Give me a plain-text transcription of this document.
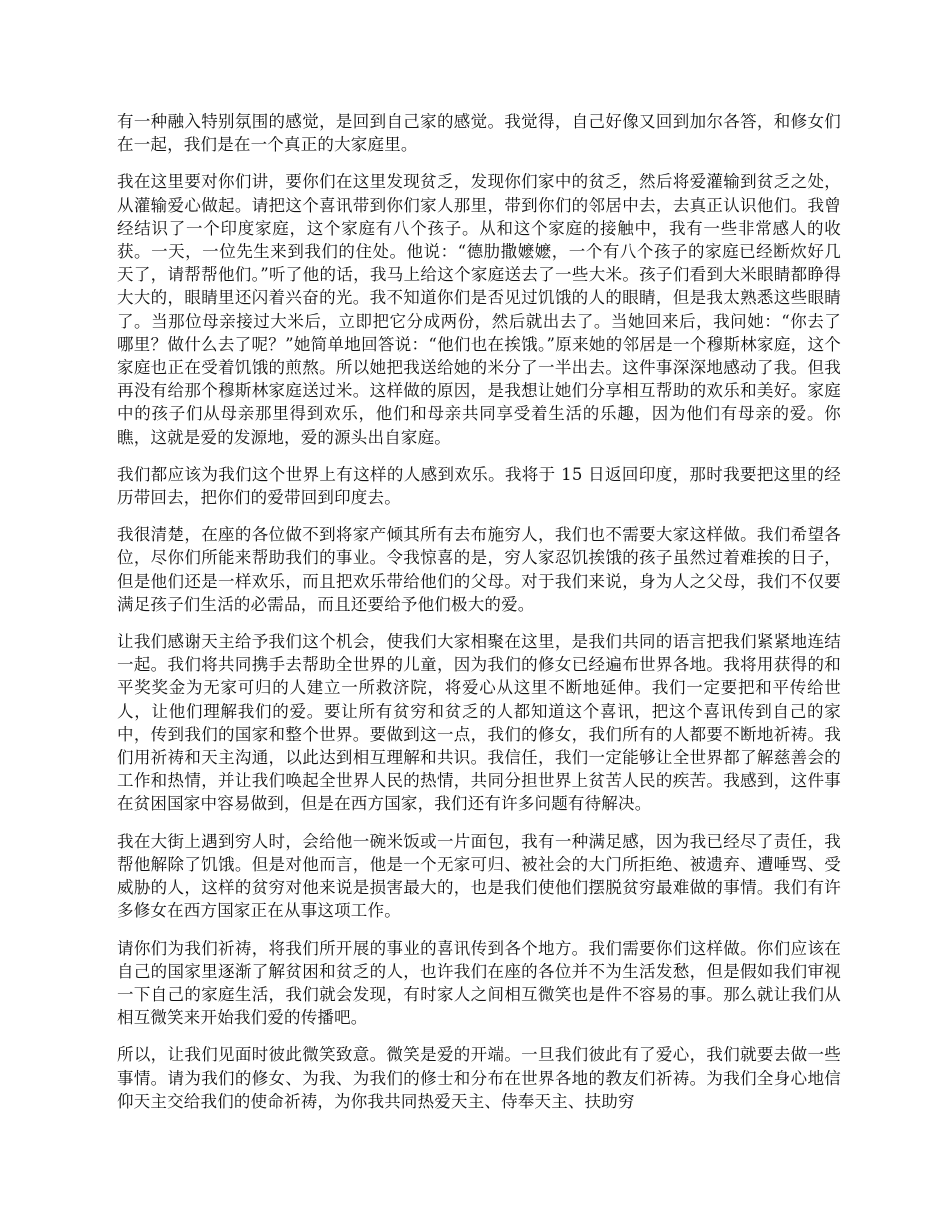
有一种融入特别氛围的感觉，是回到自己家的感觉。我觉得，自己好像又回到加尔各答，和修女们在一起，我们是在一个真正的大家庭里。

我在这里要对你们讲，要你们在这里发现贫乏，发现你们家中的贫乏，然后将爱灌输到贫乏之处，从灌输爱心做起。请把这个喜讯带到你们家人那里，带到你们的邻居中去，去真正认识他们。我曾经结识了一个印度家庭，这个家庭有八个孩子。从和这个家庭的接触中，我有一些非常感人的收获。一天，一位先生来到我们的住处。他说：“德肋撒嬷嬷，一个有八个孩子的家庭已经断炊好几天了，请帮帮他们。”听了他的话，我马上给这个家庭送去了一些大米。孩子们看到大米眼睛都睁得大大的，眼睛里还闪着兴奋的光。我不知道你们是否见过饥饿的人的眼睛，但是我太熟悉这些眼睛了。当那位母亲接过大米后，立即把它分成两份，然后就出去了。当她回来后，我问她：“你去了哪里？做什么去了呢？”她简单地回答说：“他们也在挨饿。”原来她的邻居是一个穆斯林家庭，这个家庭也正在受着饥饿的煎熬。所以她把我送给她的米分了一半出去。这件事深深地感动了我。但我再没有给那个穆斯林家庭送过米。这样做的原因，是我想让她们分享相互帮助的欢乐和美好。家庭中的孩子们从母亲那里得到欢乐，他们和母亲共同享受着生活的乐趣，因为他们有母亲的爱。你瞧，这就是爱的发源地，爱的源头出自家庭。

我们都应该为我们这个世界上有这样的人感到欢乐。我将于 15 日返回印度，那时我要把这里的经历带回去，把你们的爱带回到印度去。

我很清楚，在座的各位做不到将家产倾其所有去布施穷人，我们也不需要大家这样做。我们希望各位，尽你们所能来帮助我们的事业。令我惊喜的是，穷人家忍饥挨饿的孩子虽然过着难挨的日子，但是他们还是一样欢乐，而且把欢乐带给他们的父母。对于我们来说，身为人之父母，我们不仅要满足孩子们生活的必需品，而且还要给予他们极大的爱。

让我们感谢天主给予我们这个机会，使我们大家相聚在这里，是我们共同的语言把我们紧紧地连结一起。我们将共同携手去帮助全世界的儿童，因为我们的修女已经遍布世界各地。我将用获得的和平奖奖金为无家可归的人建立一所救济院，将爱心从这里不断地延伸。我们一定要把和平传给世人，让他们理解我们的爱。要让所有贫穷和贫乏的人都知道这个喜讯，把这个喜讯传到自己的家中，传到我们的国家和整个世界。要做到这一点，我们的修女，我们所有的人都要不断地祈祷。我们用祈祷和天主沟通，以此达到相互理解和共识。我信任，我们一定能够让全世界都了解慈善会的工作和热情，并让我们唤起全世界人民的热情，共同分担世界上贫苦人民的疾苦。我感到，这件事在贫困国家中容易做到，但是在西方国家，我们还有许多问题有待解决。

我在大街上遇到穷人时，会给他一碗米饭或一片面包，我有一种满足感，因为我已经尽了责任，我帮他解除了饥饿。但是对他而言，他是一个无家可归、被社会的大门所拒绝、被遗弃、遭唾骂、受威胁的人，这样的贫穷对他来说是损害最大的，也是我们使他们摆脱贫穷最难做的事情。我们有许多修女在西方国家正在从事这项工作。

请你们为我们祈祷，将我们所开展的事业的喜讯传到各个地方。我们需要你们这样做。你们应该在自己的国家里逐渐了解贫困和贫乏的人，也许我们在座的各位并不为生活发愁，但是假如我们审视一下自己的家庭生活，我们就会发现，有时家人之间相互微笑也是件不容易的事。那么就让我们从相互微笑来开始我们爱的传播吧。

所以，让我们见面时彼此微笑致意。微笑是爱的开端。一旦我们彼此有了爱心，我们就要去做一些事情。请为我们的修女、为我、为我们的修士和分布在世界各地的教友们祈祷。为我们全身心地信仰天主交给我们的使命祈祷，为你我共同热爱天主、侍奉天主、扶助穷
